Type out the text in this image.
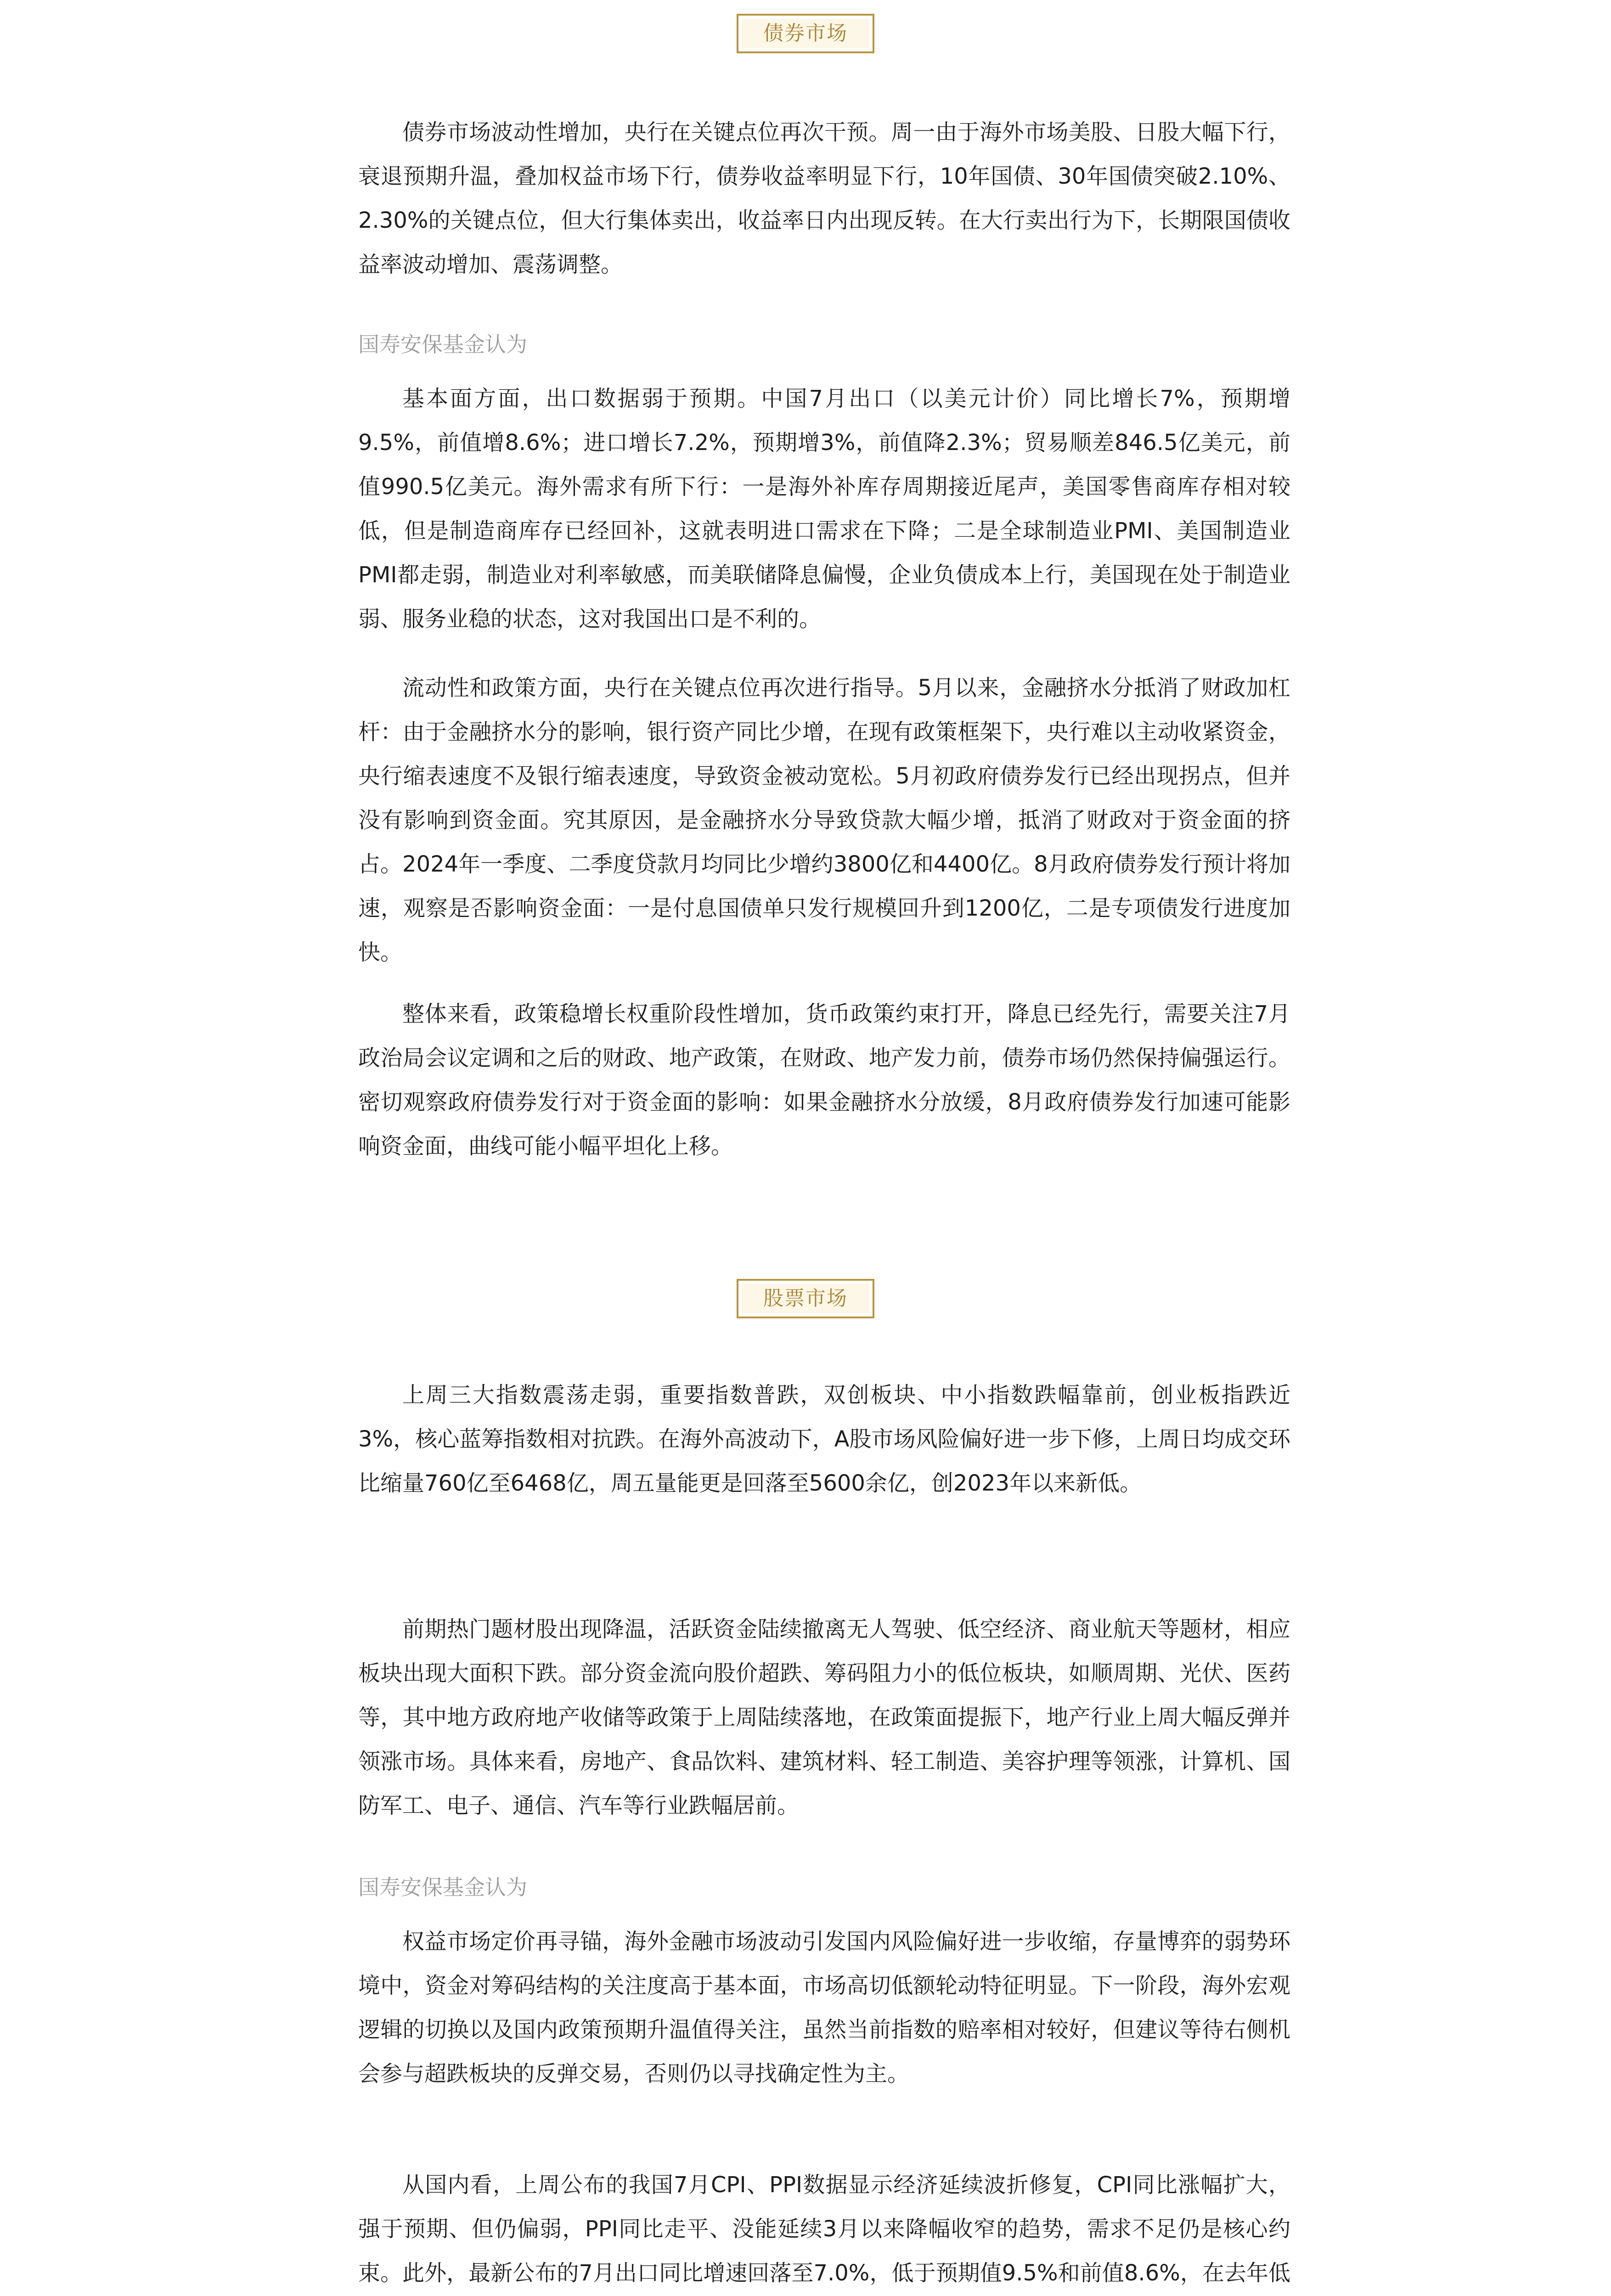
债券市场

债券市场波动性增加，央行在关键点位再次干预。周一由于海外市场美股、日股大幅下行，衰退预期升温，叠加权益市场下行，债券收益率明显下行，10年国债、30年国债突破2.10%、2.30%的关键点位，但大行集体卖出，收益率日内出现反转。在大行卖出行为下，长期限国债收益率波动增加、震荡调整。

国寿安保基金认为

基本面方面，出口数据弱于预期。中国7月出口（以美元计价）同比增长7%，预期增9.5%，前值增8.6%；进口增长7.2%，预期增3%，前值降2.3%；贸易顺差846.5亿美元，前值990.5亿美元。海外需求有所下行：一是海外补库存周期接近尾声，美国零售商库存相对较低，但是制造商库存已经回补，这就表明进口需求在下降；二是全球制造业PMI、美国制造业PMI都走弱，制造业对利率敏感，而美联储降息偏慢，企业负债成本上行，美国现在处于制造业弱、服务业稳的状态，这对我国出口是不利的。

流动性和政策方面，央行在关键点位再次进行指导。5月以来，金融挤水分抵消了财政加杠杆：由于金融挤水分的影响，银行资产同比少增，在现有政策框架下，央行难以主动收紧资金，央行缩表速度不及银行缩表速度，导致资金被动宽松。5月初政府债券发行已经出现拐点，但并没有影响到资金面。究其原因，是金融挤水分导致贷款大幅少增，抵消了财政对于资金面的挤占。2024年一季度、二季度贷款月均同比少增约3800亿和4400亿。8月政府债券发行预计将加速，观察是否影响资金面：一是付息国债单只发行规模回升到1200亿，二是专项债发行进度加快。

整体来看，政策稳增长权重阶段性增加，货币政策约束打开，降息已经先行，需要关注7月政治局会议定调和之后的财政、地产政策，在财政、地产发力前，债券市场仍然保持偏强运行。密切观察政府债券发行对于资金面的影响：如果金融挤水分放缓，8月政府债券发行加速可能影响资金面，曲线可能小幅平坦化上移。

股票市场

上周三大指数震荡走弱，重要指数普跌，双创板块、中小指数跌幅靠前，创业板指跌近3%，核心蓝筹指数相对抗跌。在海外高波动下，A股市场风险偏好进一步下修，上周日均成交环比缩量760亿至6468亿，周五量能更是回落至5600余亿，创2023年以来新低。

前期热门题材股出现降温，活跃资金陆续撤离无人驾驶、低空经济、商业航天等题材，相应板块出现大面积下跌。部分资金流向股价超跌、筹码阻力小的低位板块，如顺周期、光伏、医药等，其中地方政府地产收储等政策于上周陆续落地，在政策面提振下，地产行业上周大幅反弹并领涨市场。具体来看，房地产、食品饮料、建筑材料、轻工制造、美容护理等领涨，计算机、国防军工、电子、通信、汽车等行业跌幅居前。

国寿安保基金认为

权益市场定价再寻锚，海外金融市场波动引发国内风险偏好进一步收缩，存量博弈的弱势环境中，资金对筹码结构的关注度高于基本面，市场高切低额轮动特征明显。下一阶段，海外宏观逻辑的切换以及国内政策预期升温值得关注，虽然当前指数的赔率相对较好，但建议等待右侧机会参与超跌板块的反弹交易，否则仍以寻找确定性为主。

从国内看，上周公布的我国7月CPI、PPI数据显示经济延续波折修复，CPI同比涨幅扩大，强于预期、但仍偏弱，PPI同比走平、没能延续3月以来降幅收窄的趋势，需求不足仍是核心约束。此外，最新公布的7月出口同比增速回落至7.0%，低于预期值9.5%和前值8.6%，在去年低
